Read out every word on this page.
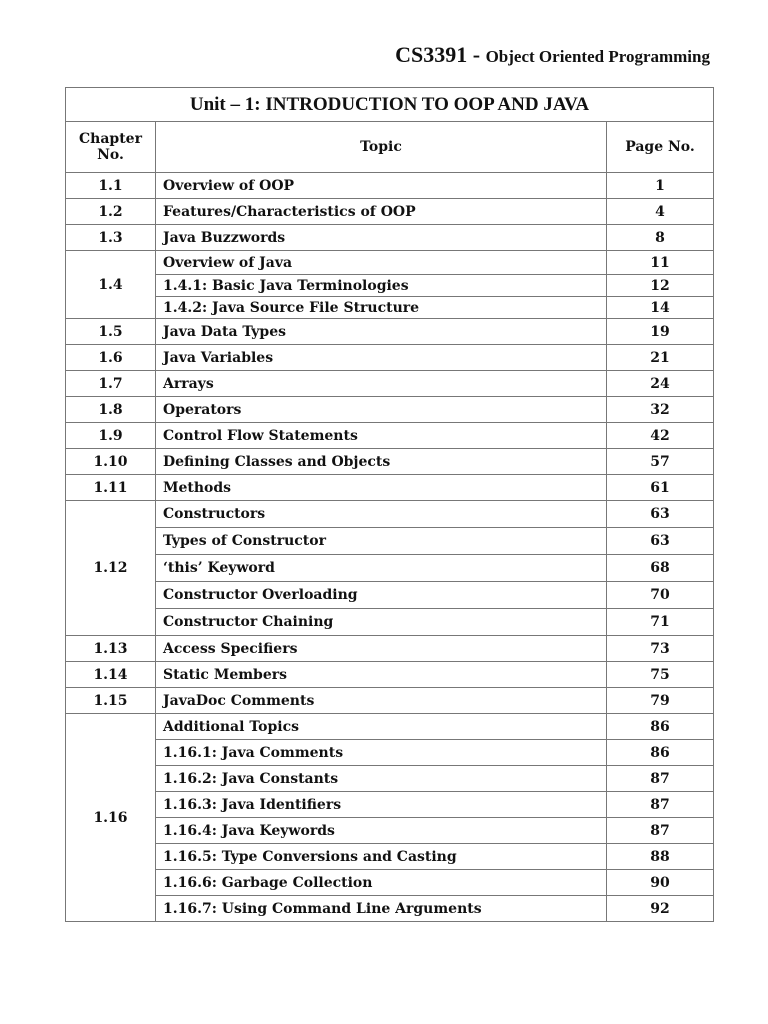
CS3391 - Object Oriented Programming
Unit – 1: INTRODUCTION TO OOP AND JAVA		
Chapter
No.	Topic	Page No.
1.1	Overview of OOP	1
1.2	Features/Characteristics of OOP	4
1.3	Java Buzzwords	8
1.4	Overview of Java	11
	1.4.1: Basic Java Terminologies	12
	1.4.2: Java Source File Structure	14
1.5	Java Data Types	19
1.6	Java Variables	21
1.7	Arrays	24
1.8	Operators	32
1.9	Control Flow Statements	42
1.10	Defining Classes and Objects	57
1.11	Methods	61
1.12	Constructors	63
	Types of Constructor	63
	‘this’ Keyword	68
	Constructor Overloading	70
	Constructor Chaining	71
1.13	Access Specifiers	73
1.14	Static Members	75
1.15	JavaDoc Comments	79
1.16	Additional Topics	86
	1.16.1: Java Comments	86
	1.16.2: Java Constants	87
	1.16.3: Java Identifiers	87
	1.16.4: Java Keywords	87
	1.16.5: Type Conversions and Casting	88
	1.16.6: Garbage Collection	90
	1.16.7: Using Command Line Arguments	92
